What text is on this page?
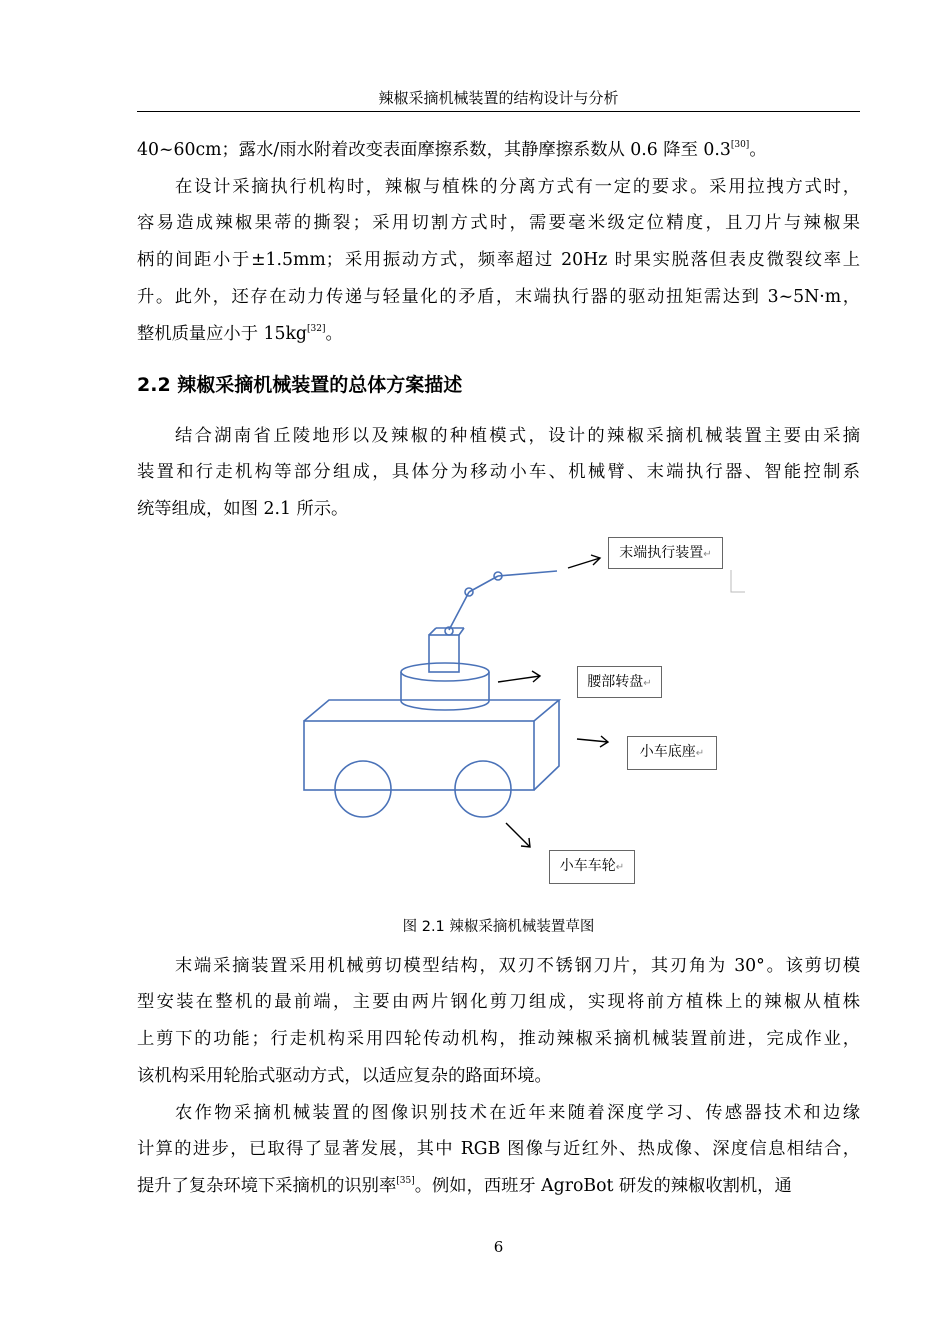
辣椒采摘机械装置的结构设计与分析
40~60cm；露水/雨水附着改变表面摩擦系数，其静摩擦系数从 0.6 降至 0.3[30]。
在设计采摘执行机构时，辣椒与植株的分离方式有一定的要求。采用拉拽方式时，
容易造成辣椒果蒂的撕裂；采用切割方式时，需要毫米级定位精度，且刀片与辣椒果
柄的间距小于±1.5mm；采用振动方式，频率超过 20Hz 时果实脱落但表皮微裂纹率上
升。此外，还存在动力传递与轻量化的矛盾，末端执行器的驱动扭矩需达到 3~5N·m，
整机质量应小于 15kg[32]。
2.2 辣椒采摘机械装置的总体方案描述
结合湖南省丘陵地形以及辣椒的种植模式，设计的辣椒采摘机械装置主要由采摘
装置和行走机构等部分组成，具体分为移动小车、机械臂、末端执行器、智能控制系
统等组成，如图 2.1 所示。
末端执行装置↵
腰部转盘↵
小车底座↵
小车车轮↵
图 2.1 辣椒采摘机械装置草图
末端采摘装置采用机械剪切模型结构，双刃不锈钢刀片，其刃角为 30°。该剪切模
型安装在整机的最前端，主要由两片钢化剪刀组成，实现将前方植株上的辣椒从植株
上剪下的功能；行走机构采用四轮传动机构，推动辣椒采摘机械装置前进，完成作业，
该机构采用轮胎式驱动方式，以适应复杂的路面环境。
农作物采摘机械装置的图像识别技术在近年来随着深度学习、传感器技术和边缘
计算的进步，已取得了显著发展，其中 RGB 图像与近红外、热成像、深度信息相结合，
提升了复杂环境下采摘机的识别率[35]。例如，西班牙 AgroBot 研发的辣椒收割机，通
6
